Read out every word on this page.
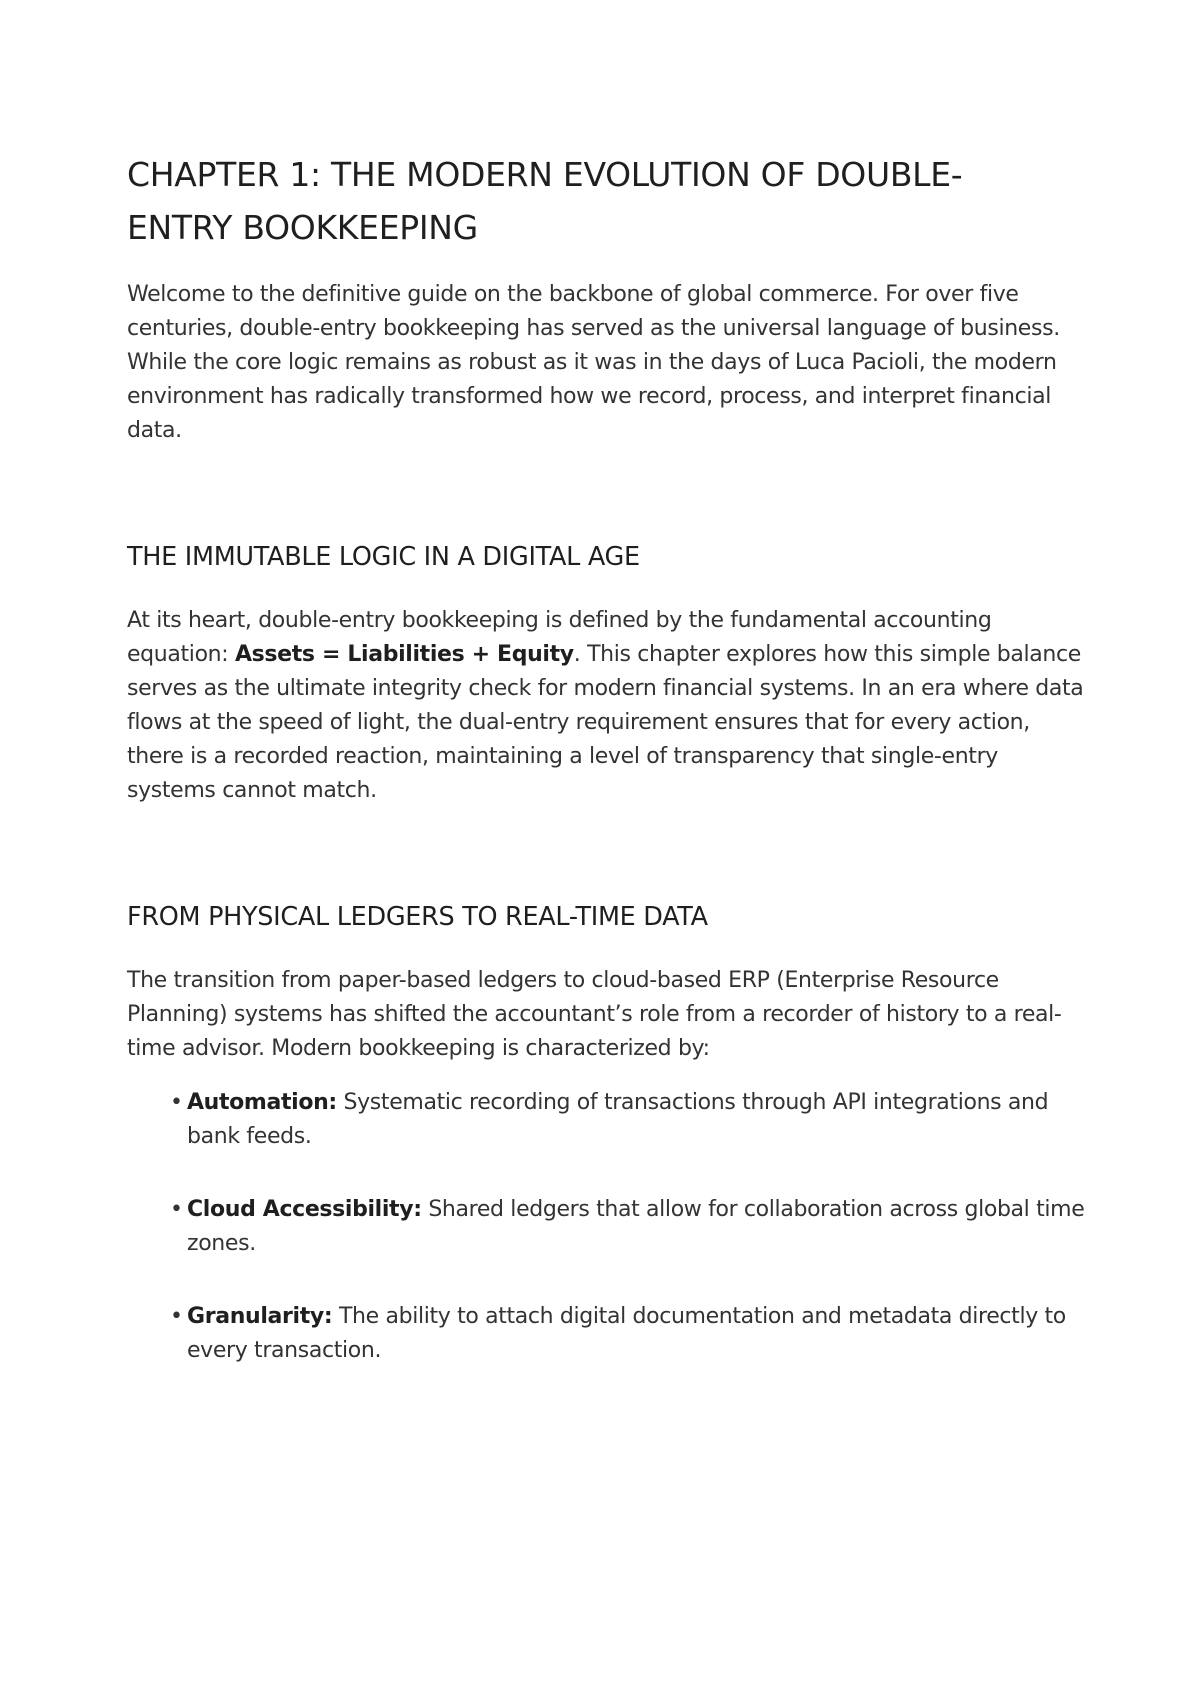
CHAPTER 1: THE MODERN EVOLUTION OF DOUBLE-ENTRY BOOKKEEPING

Welcome to the definitive guide on the backbone of global commerce. For over five centuries, double-entry bookkeeping has served as the universal language of business. While the core logic remains as robust as it was in the days of Luca Pacioli, the modern environment has radically transformed how we record, process, and interpret financial data.

THE IMMUTABLE LOGIC IN A DIGITAL AGE

At its heart, double-entry bookkeeping is defined by the fundamental accounting equation: Assets = Liabilities + Equity. This chapter explores how this simple balance serves as the ultimate integrity check for modern financial systems. In an era where data flows at the speed of light, the dual-entry requirement ensures that for every action, there is a recorded reaction, maintaining a level of transparency that single-entry systems cannot match.

FROM PHYSICAL LEDGERS TO REAL-TIME DATA

The transition from paper-based ledgers to cloud-based ERP (Enterprise Resource Planning) systems has shifted the accountant’s role from a recorder of history to a real-time advisor. Modern bookkeeping is characterized by:

• Automation: Systematic recording of transactions through API integrations and bank feeds.
• Cloud Accessibility: Shared ledgers that allow for collaboration across global time zones.
• Granularity: The ability to attach digital documentation and metadata directly to every transaction.
